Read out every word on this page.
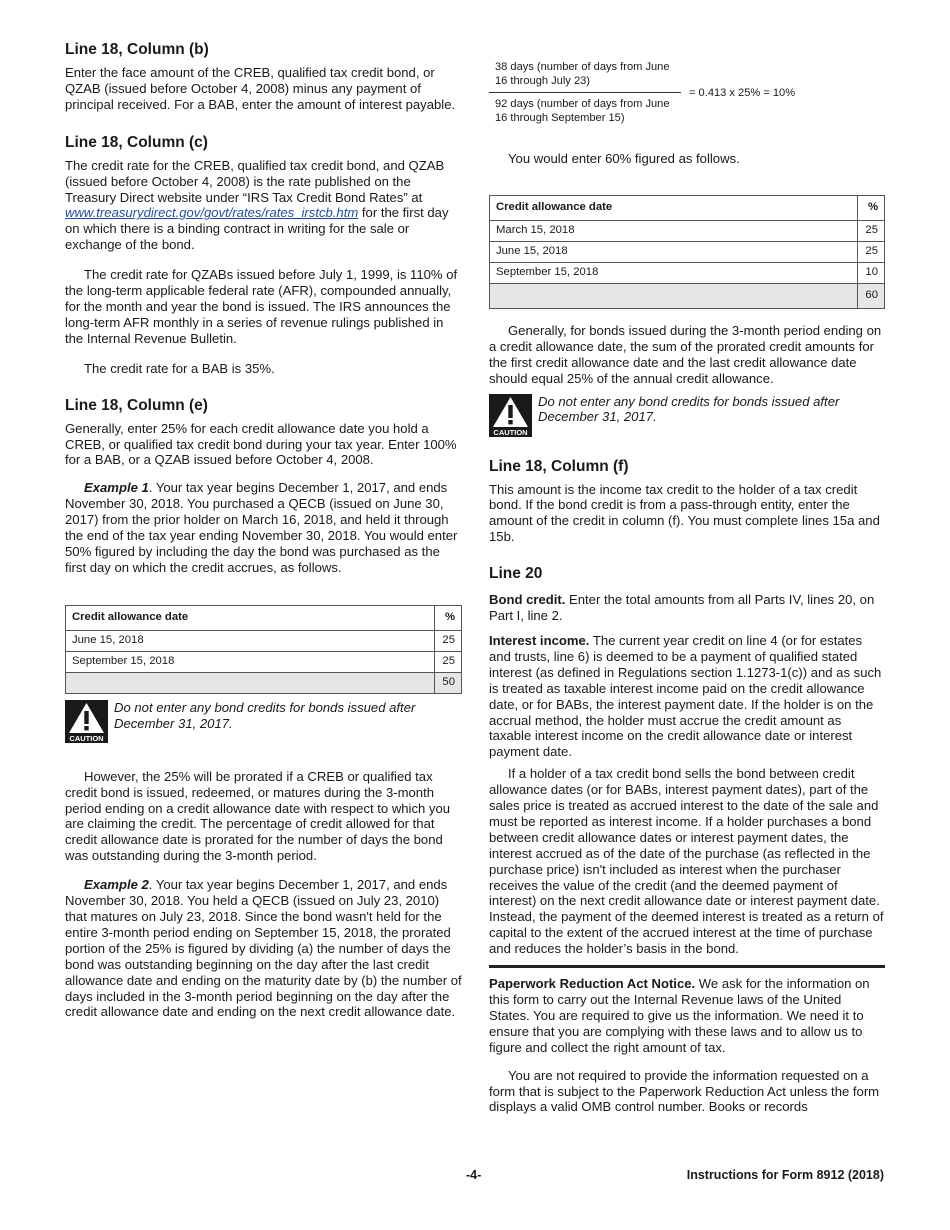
Line 18, Column (b)

Enter the face amount of the CREB, qualified tax credit bond, or QZAB (issued before October 4, 2008) minus any payment of principal received. For a BAB, enter the amount of interest payable.

Line 18, Column (c)

The credit rate for the CREB, qualified tax credit bond, and QZAB (issued before October 4, 2008) is the rate published on the Treasury Direct website under “IRS Tax Credit Bond Rates” at www.treasurydirect.gov/govt/rates/rates_irstcb.htm for the first day on which there is a binding contract in writing for the sale or exchange of the bond.

The credit rate for QZABs issued before July 1, 1999, is 110% of the long-term applicable federal rate (AFR), compounded annually, for the month and year the bond is issued. The IRS announces the long-term AFR monthly in a series of revenue rulings published in the Internal Revenue Bulletin.

The credit rate for a BAB is 35%.

Line 18, Column (e)

Generally, enter 25% for each credit allowance date you hold a CREB, or qualified tax credit bond during your tax year. Enter 100% for a BAB, or a QZAB issued before October 4, 2008.

Example 1. Your tax year begins December 1, 2017, and ends November 30, 2018. You purchased a QECB (issued on June 30, 2017) from the prior holder on March 16, 2018, and held it through the end of the tax year ending November 30, 2018. You would enter 50% figured by including the day the bond was purchased as the first day on which the credit accrues, as follows.

Credit allowance date	%
June 15, 2018	25
September 15, 2018	25
	50
CAUTION
Do not enter any bond credits for bonds issued after December 31, 2017.

However, the 25% will be prorated if a CREB or qualified tax credit bond is issued, redeemed, or matures during the 3-month period ending on a credit allowance date with respect to which you are claiming the credit. The percentage of credit allowed for that credit allowance date is prorated for the number of days the bond was outstanding during the 3-month period.

Example 2. Your tax year begins December 1, 2017, and ends November 30, 2018. You held a QECB (issued on July 23, 2010) that matures on July 23, 2018. Since the bond wasn't held for the entire 3-month period ending on September 15, 2018, the prorated portion of the 25% is figured by dividing (a) the number of days the bond was outstanding beginning on the day after the last credit allowance date and ending on the maturity date by (b) the number of days included in the 3-month period beginning on the day after the credit allowance date and ending on the next credit allowance date.

$\frac{\text{38 days (number of days from June 16 through July 23)}}{\text{92 days (number of days from June 16 through September 15)}} = 0.413$ x 25% = 10%

You would enter 60% figured as follows.

Credit allowance date	%
March 15, 2018	25
June 15, 2018	25
September 15, 2018	10
	60

Generally, for bonds issued during the 3-month period ending on a credit allowance date, the sum of the prorated credit amounts for the first credit allowance date and the last credit allowance date should equal 25% of the annual credit allowance.

CAUTION
Do not enter any bond credits for bonds issued after December 31, 2017.
Line 18, Column (f)

This amount is the income tax credit to the holder of a tax credit bond. If the bond credit is from a pass-through entity, enter the amount of the credit in column (f). You must complete lines 15a and 15b.

Line 20

Bond credit. Enter the total amounts from all Parts IV, lines 20, on Part I, line 2.

Interest income. The current year credit on line 4 (or for estates and trusts, line 6) is deemed to be a payment of qualified stated interest (as defined in Regulations section 1.1273-1(c)) and as such is treated as taxable interest income paid on the credit allowance date, or for BABs, the interest payment date. If the holder is on the accrual method, the holder must accrue the credit amount as taxable interest income on the credit allowance date or interest payment date.

If a holder of a tax credit bond sells the bond between credit allowance dates (or for BABs, interest payment dates), part of the sales price is treated as accrued interest to the date of the sale and must be reported as interest income. If a holder purchases a bond between credit allowance dates or interest payment dates, the interest accrued as of the date of the purchase (as reflected in the purchase price) isn't included as interest when the purchaser receives the value of the credit (and the deemed payment of interest) on the next credit allowance date or interest payment date. Instead, the payment of the deemed interest is treated as a return of capital to the extent of the accrued interest at the time of purchase and reduces the holder’s basis in the bond.

Paperwork Reduction Act Notice. We ask for the information on this form to carry out the Internal Revenue laws of the United States. You are required to give us the information. We need it to ensure that you are complying with these laws and to allow us to figure and collect the right amount of tax.

You are not required to provide the information requested on a form that is subject to the Paperwork Reduction Act unless the form displays a valid OMB control number. Books or records

-4-	Instructions for Form 8912 (2018)
